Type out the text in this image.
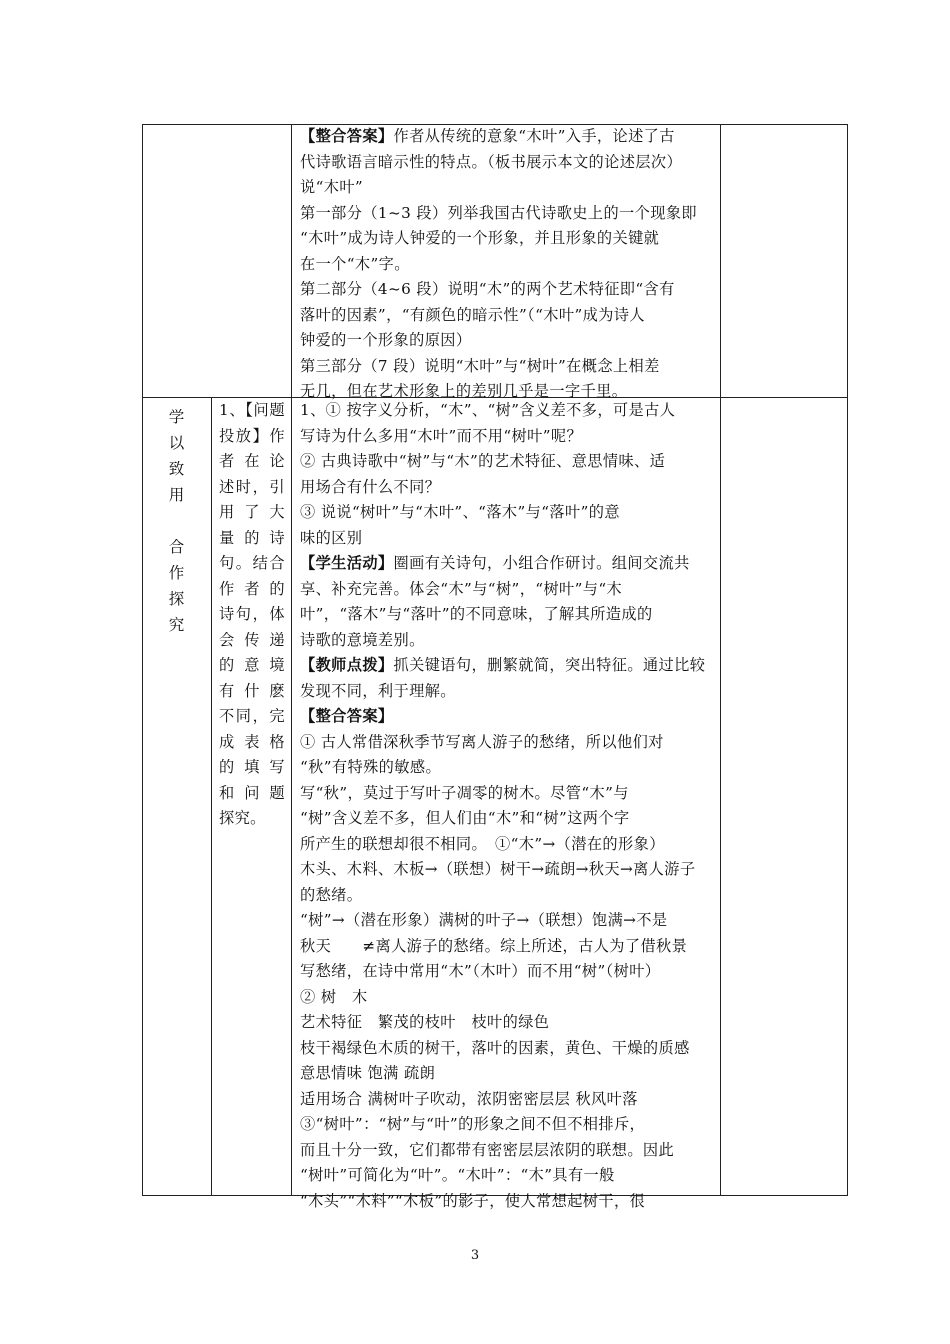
【整合答案】作者从传统的意象“木叶”入手，论述了古
代诗歌语言暗示性的特点。（板书展示本文的论述层次）
说“木叶”
第一部分（1~3 段）列举我国古代诗歌史上的一个现象即
“木叶”成为诗人钟爱的一个形象，并且形象的关键就
在一个“木”字。
第二部分（4~6 段）说明“木”的两个艺术特征即“含有
落叶的因素”，“有颜色的暗示性”（“木叶”成为诗人
钟爱的一个形象的原因）
第三部分（7 段）说明“木叶”与“树叶”在概念上相差
无几，但在艺术形象上的差别几乎是一字千里。
学
以
致
用
合
作
探
究
1、【问题
投放】作
者 在 论
述时，引
用 了 大
量 的 诗
句。结合
作 者 的
诗句，体
会 传 递
的 意 境
有 什 麽
不同，完
成 表 格
的 填 写
和 问 题
探究。
1、① 按字义分析，“木”、“树”含义差不多，可是古人
写诗为什么多用“木叶”而不用“树叶”呢？
② 古典诗歌中“树”与“木”的艺术特征、意思情味、适
用场合有什么不同？
③ 说说“树叶”与“木叶”、“落木”与“落叶”的意
味的区别
【学生活动】圈画有关诗句，小组合作研讨。组间交流共
享、补充完善。体会“木”与“树”，“树叶”与“木
叶”，“落木”与“落叶”的不同意味，了解其所造成的
诗歌的意境差别。
【教师点拨】抓关键语句，删繁就简，突出特征。通过比较
发现不同，利于理解。
【整合答案】
① 古人常借深秋季节写离人游子的愁绪，所以他们对
“秋”有特殊的敏感。
写“秋”，莫过于写叶子凋零的树木。尽管“木”与
“树”含义差不多，但人们由“木”和“树”这两个字
所产生的联想却很不相同。　①“木”→（潜在的形象）
木头、木料、木板→（联想）树干→疏朗→秋天→离人游子
的愁绪。
“树”→（潜在形象）满树的叶子→（联想）饱满→不是
秋天　　≠离人游子的愁绪。综上所述，古人为了借秋景
写愁绪，在诗中常用“木”（木叶）而不用“树”（树叶）
② 树　木
艺术特征　繁茂的枝叶　枝叶的绿色
枝干褐绿色木质的树干，落叶的因素，黄色、干燥的质感
意思情味 饱满 疏朗
适用场合 满树叶子吹动，浓阴密密层层 秋风叶落
③“树叶”：“树”与“叶”的形象之间不但不相排斥，
而且十分一致，它们都带有密密层层浓阴的联想。因此
“树叶”可简化为“叶”。“木叶”：“木”具有一般
“木头”“木料”“木板”的影子，使人常想起树干，很
3
